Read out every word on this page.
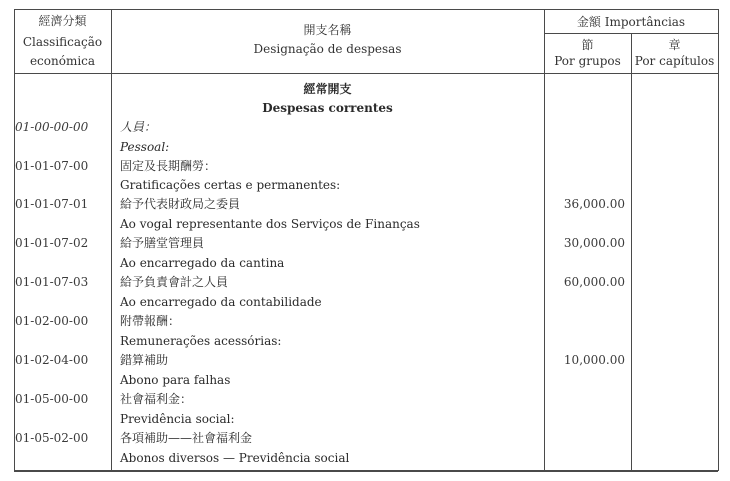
經濟分類
Classificação
económica
開支名稱
Designação de despesas
金額 Importâncias
節
Por grupos
章
Por capítulos
經常開支
Despesas correntes
01-00-00-00	人員：
Pessoal:
01-01-07-00	固定及長期酬勞：
Gratificações certas e permanentes:
01-01-07-01	給予代表財政局之委員
Ao vogal representante dos Serviços de Finanças
36,000.00
01-01-07-02	給予膳堂管理員
Ao encarregado da cantina
30,000.00
01-01-07-03	給予負責會計之人員
Ao encarregado da contabilidade
60,000.00
01-02-00-00	附帶報酬：
Remunerações acessórias:
01-02-04-00	錯算補助
Abono para falhas
10,000.00
01-05-00-00	社會福利金：
Previdência social:
01-05-02-00	各項補助——社會福利金
Abonos diversos — Previdência social
